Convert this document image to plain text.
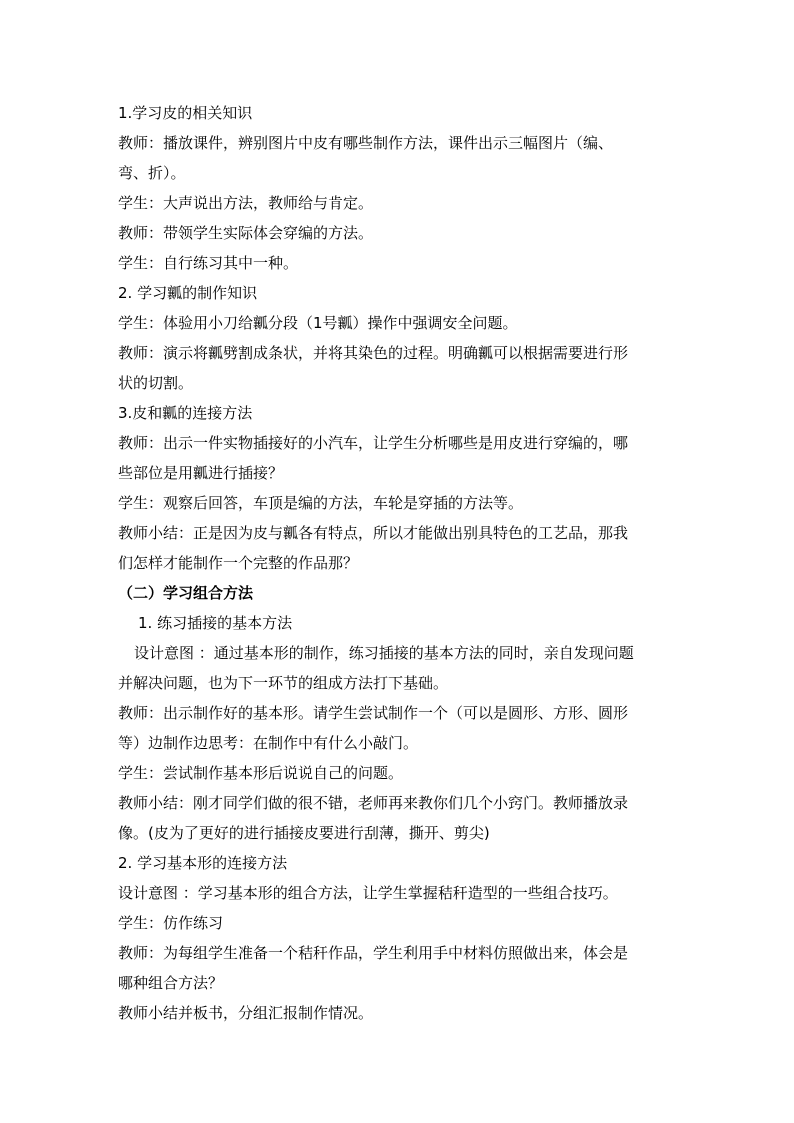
1.学习皮的相关知识
教师：播放课件，辨别图片中皮有哪些制作方法，课件出示三幅图片（编、
弯、折）。
学生：大声说出方法，教师给与肯定。
教师：带领学生实际体会穿编的方法。
学生：自行练习其中一种。
2. 学习瓤的制作知识
学生：体验用小刀给瓤分段（1号瓤）操作中强调安全问题。
教师：演示将瓤劈割成条状，并将其染色的过程。明确瓤可以根据需要进行形
状的切割。
3.皮和瓤的连接方法
教师：出示一件实物插接好的小汽车，让学生分析哪些是用皮进行穿编的，哪
些部位是用瓤进行插接？
学生：观察后回答，车顶是编的方法，车轮是穿插的方法等。
教师小结：正是因为皮与瓤各有特点，所以才能做出别具特色的工艺品，那我
们怎样才能制作一个完整的作品那？
（二）学习组合方法
1. 练习插接的基本方法
设计意图 ：通过基本形的制作，练习插接的基本方法的同时，亲自发现问题
并解决问题，也为下一环节的组成方法打下基础。
教师：出示制作好的基本形。请学生尝试制作一个（可以是圆形、方形、圆形
等）边制作边思考：在制作中有什么小敲门。
学生：尝试制作基本形后说说自己的问题。
教师小结：刚才同学们做的很不错，老师再来教你们几个小窍门。教师播放录
像。(皮为了更好的进行插接皮要进行刮薄，撕开、剪尖)
2. 学习基本形的连接方法
设计意图 ：学习基本形的组合方法，让学生掌握秸秆造型的一些组合技巧。
学生：仿作练习
教师：为每组学生准备一个秸秆作品，学生利用手中材料仿照做出来，体会是
哪种组合方法？
教师小结并板书，分组汇报制作情况。
